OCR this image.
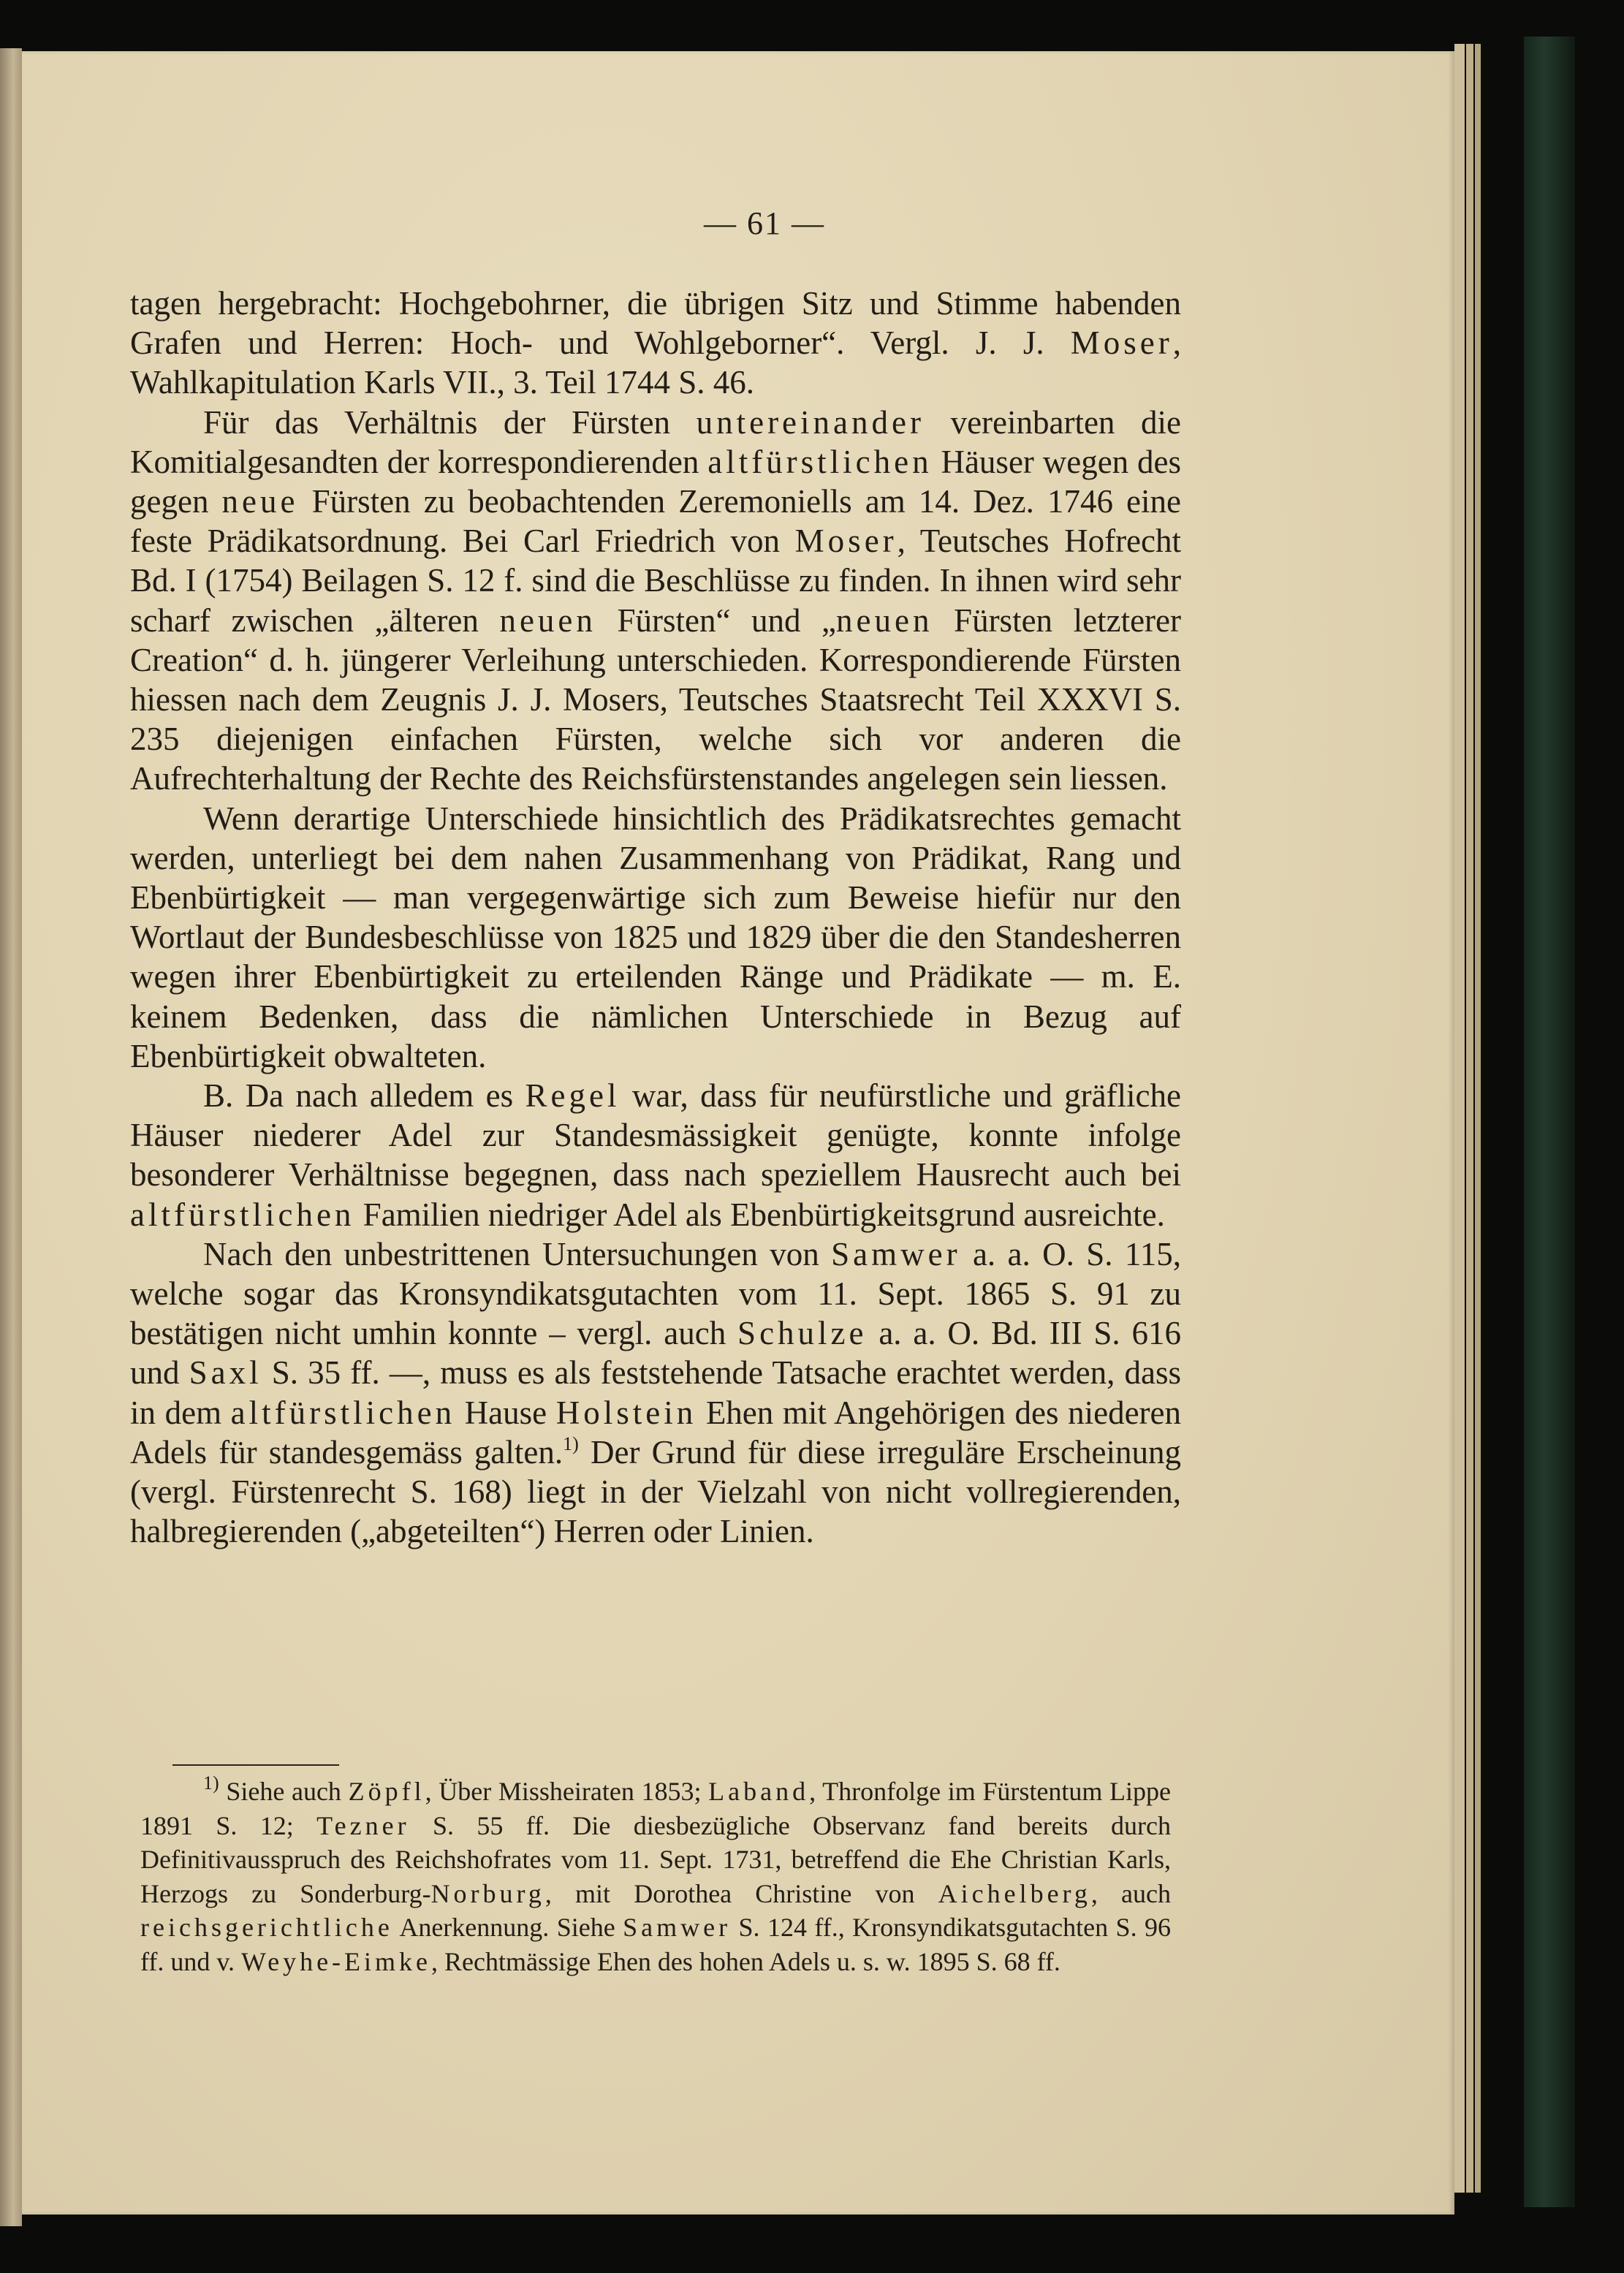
— 61 —

tagen hergebracht: Hochgebohrner, die übrigen Sitz und Stimme habenden Grafen und Herren: Hoch- und Wohlgeborner“. Vergl. J. J. Moser, Wahlkapitulation Karls VII., 3. Teil 1744 S. 46.

Für das Verhältnis der Fürsten untereinander vereinbarten die Komitialgesandten der korrespondierenden altfürstlichen Häuser wegen des gegen neue Fürsten zu beobachtenden Zeremoniells am 14. Dez. 1746 eine feste Prädikatsordnung. Bei Carl Friedrich von Moser, Teutsches Hofrecht Bd. I (1754) Beilagen S. 12 f. sind die Beschlüsse zu finden. In ihnen wird sehr scharf zwischen „älteren neuen Fürsten“ und „neuen Fürsten letzterer Creation“ d. h. jüngerer Verleihung unterschieden. Korrespondierende Fürsten hiessen nach dem Zeugnis J. J. Mosers, Teutsches Staatsrecht Teil XXXVI S. 235 diejenigen einfachen Fürsten, welche sich vor anderen die Aufrechterhaltung der Rechte des Reichsfürstenstandes angelegen sein liessen.

Wenn derartige Unterschiede hinsichtlich des Prädikatsrechtes gemacht werden, unterliegt bei dem nahen Zusammenhang von Prädikat, Rang und Ebenbürtigkeit — man vergegenwärtige sich zum Beweise hiefür nur den Wortlaut der Bundesbeschlüsse von 1825 und 1829 über die den Standesherren wegen ihrer Ebenbürtigkeit zu erteilenden Ränge und Prädikate — m. E. keinem Bedenken, dass die nämlichen Unterschiede in Bezug auf Ebenbürtigkeit obwalteten.

B. Da nach alledem es Regel war, dass für neufürstliche und gräfliche Häuser niederer Adel zur Standesmässigkeit genügte, konnte infolge besonderer Verhältnisse begegnen, dass nach speziellem Hausrecht auch bei altfürstlichen Familien niedriger Adel als Ebenbürtigkeitsgrund ausreichte.

Nach den unbestrittenen Untersuchungen von Samwer a. a. O. S. 115, welche sogar das Kronsyndikatsgutachten vom 11. Sept. 1865 S. 91 zu bestätigen nicht umhin konnte – vergl. auch Schulze a. a. O. Bd. III S. 616 und Saxl S. 35 ff. —, muss es als feststehende Tatsache erachtet werden, dass in dem altfürstlichen Hause Holstein Ehen mit Angehörigen des niederen Adels für standesgemäss galten.$^{1)}$ Der Grund für diese irreguläre Erscheinung (vergl. Fürstenrecht S. 168) liegt in der Vielzahl von nicht vollregierenden, halbregierenden („abgeteilten“) Herren oder Linien.

$^{1)}$ Siehe auch Zöpfl, Über Missheiraten 1853; Laband, Thronfolge im Fürstentum Lippe 1891 S. 12; Tezner S. 55 ff. Die diesbezügliche Observanz fand bereits durch Definitivausspruch des Reichshofrates vom 11. Sept. 1731, betreffend die Ehe Christian Karls, Herzogs zu Sonderburg-Norburg, mit Dorothea Christine von Aichelberg, auch reichsgerichtliche Anerkennung. Siehe Samwer S. 124 ff., Kronsyndikatsgutachten S. 96 ff. und v. Weyhe-Eimke, Rechtmässige Ehen des hohen Adels u. s. w. 1895 S. 68 ff.
